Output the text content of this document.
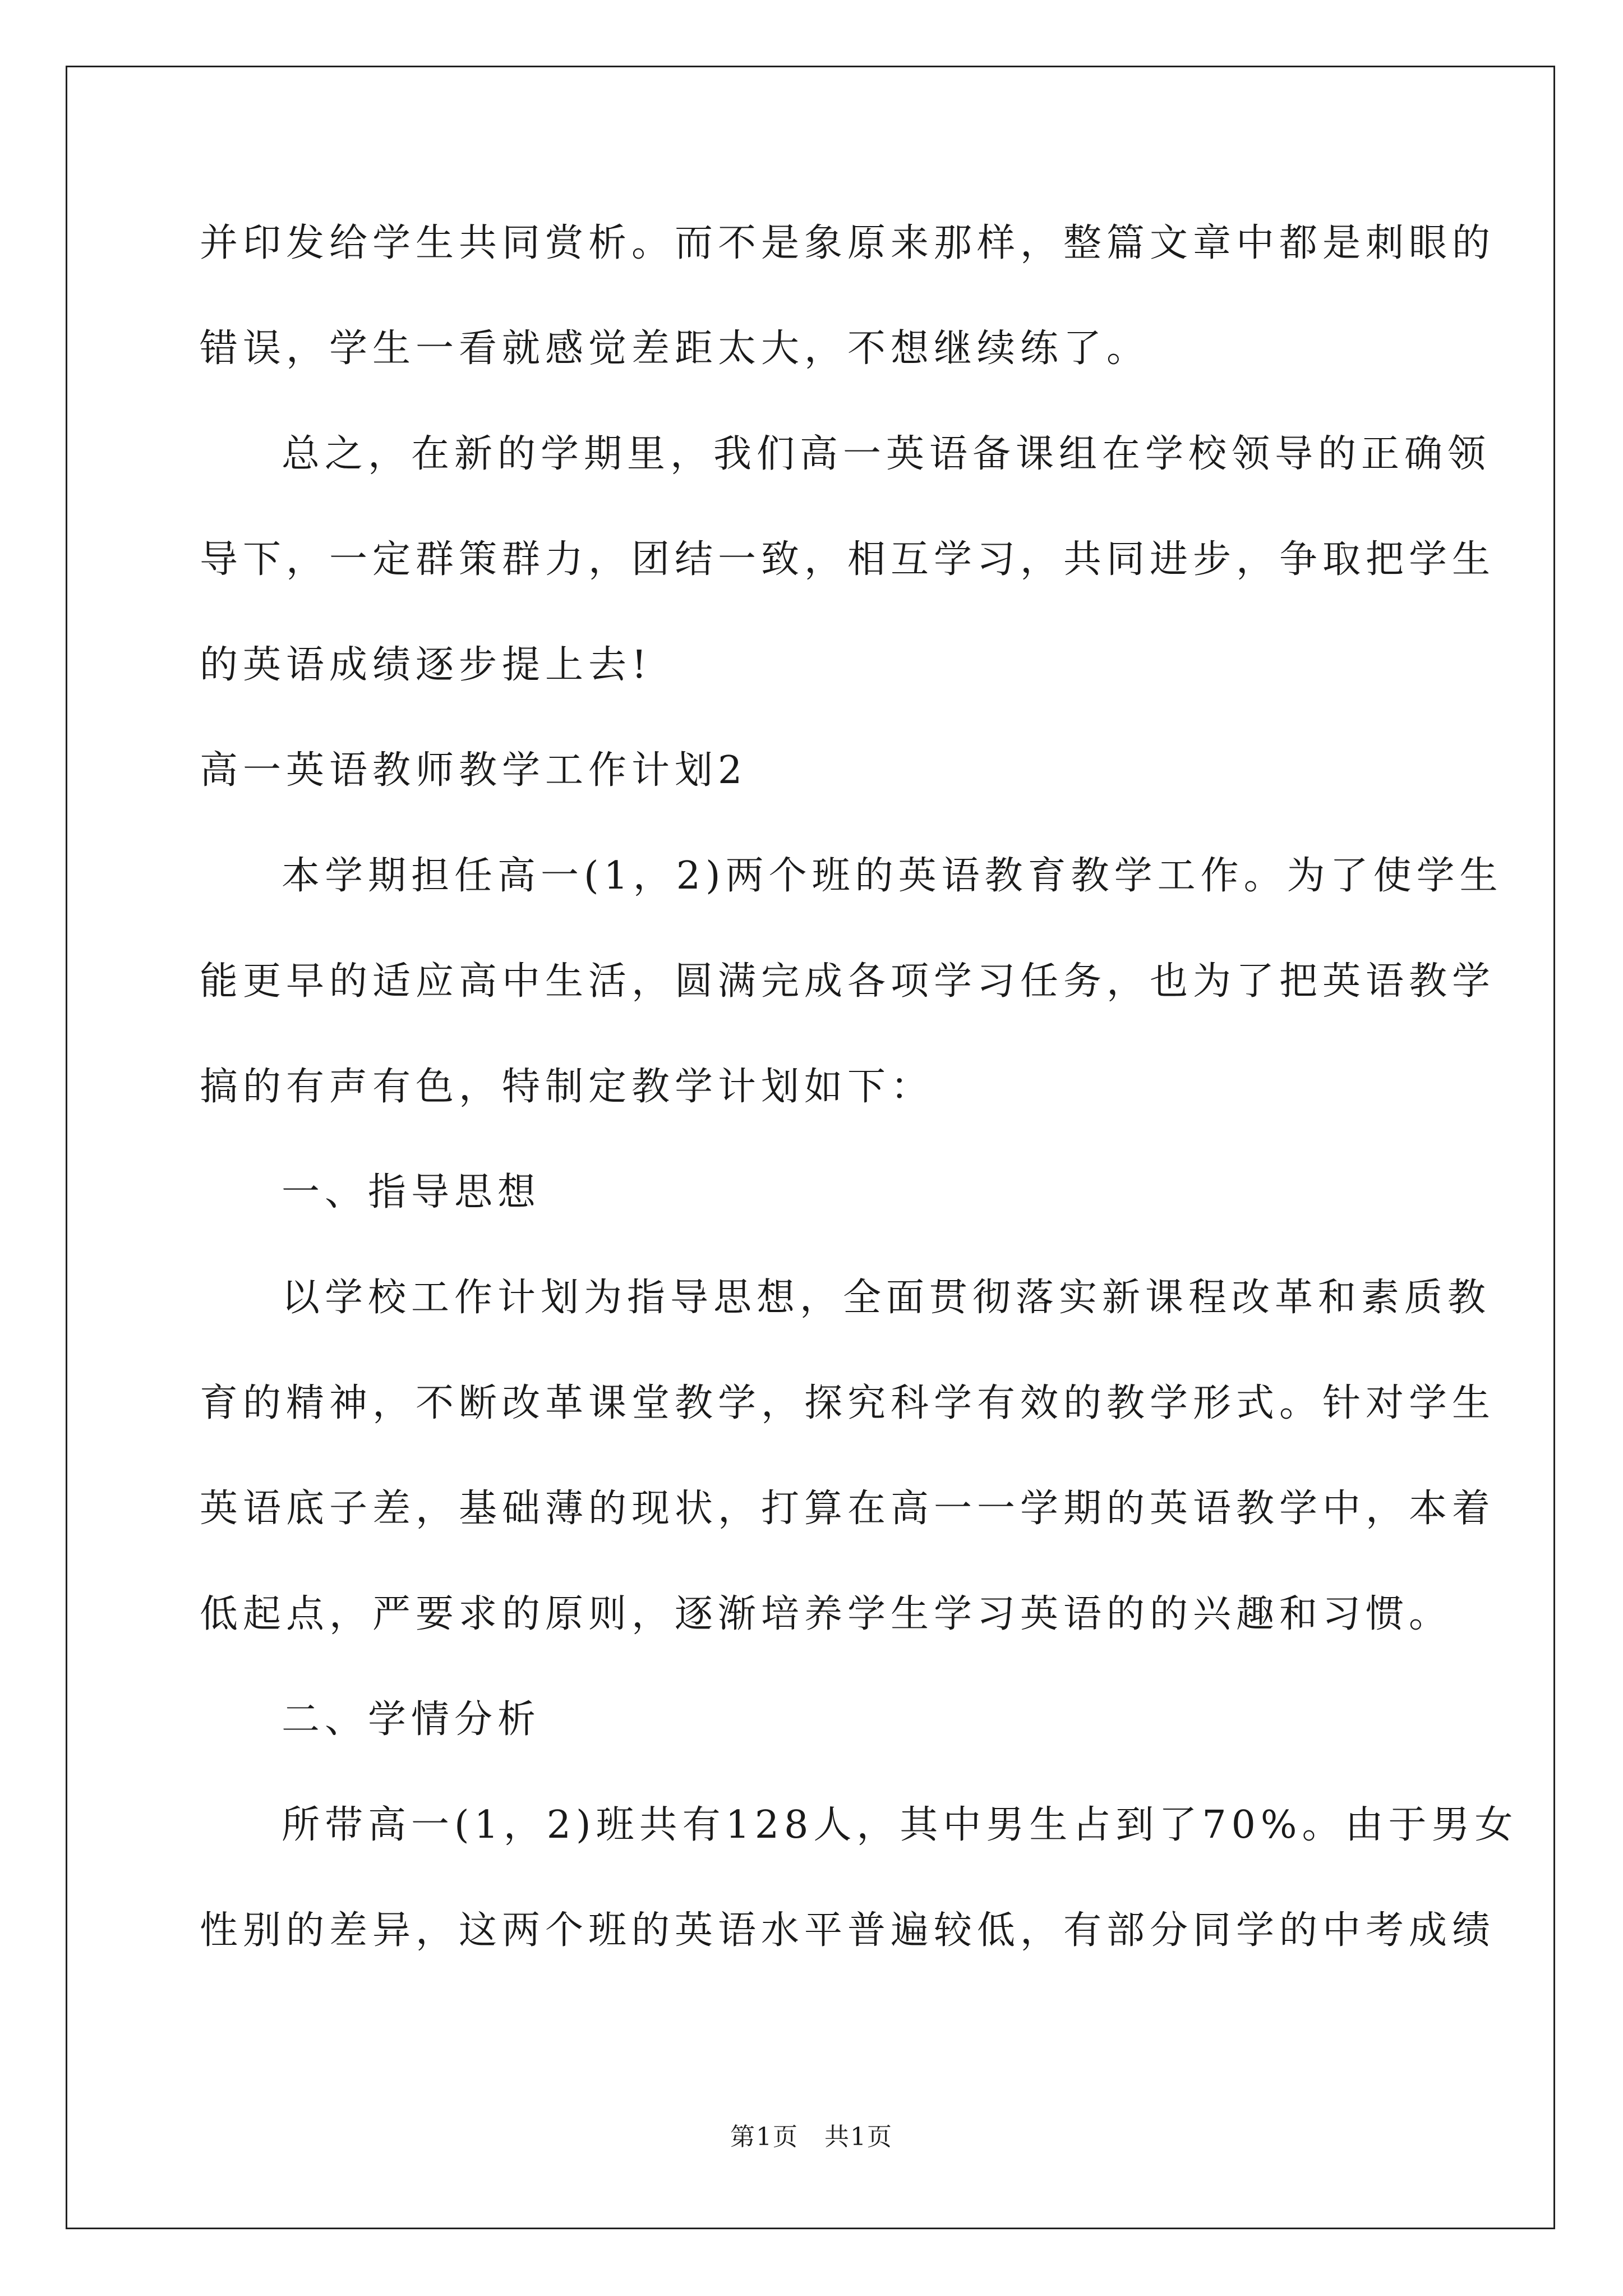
并印发给学生共同赏析。而不是象原来那样，整篇文章中都是刺眼的
错误，学生一看就感觉差距太大，不想继续练了。
总之，在新的学期里，我们高一英语备课组在学校领导的正确领
导下，一定群策群力，团结一致，相互学习，共同进步，争取把学生
的英语成绩逐步提上去!
高一英语教师教学工作计划2
本学期担任高一(1，2)两个班的英语教育教学工作。为了使学生
能更早的适应高中生活，圆满完成各项学习任务，也为了把英语教学
搞的有声有色，特制定教学计划如下：
一、指导思想
以学校工作计划为指导思想，全面贯彻落实新课程改革和素质教
育的精神，不断改革课堂教学，探究科学有效的教学形式。针对学生
英语底子差，基础薄的现状，打算在高一一学期的英语教学中，本着
低起点，严要求的原则，逐渐培养学生学习英语的的兴趣和习惯。
二、学情分析
所带高一(1，2)班共有128人，其中男生占到了70%。由于男女
性别的差异，这两个班的英语水平普遍较低，有部分同学的中考成绩
第1页　共1页
